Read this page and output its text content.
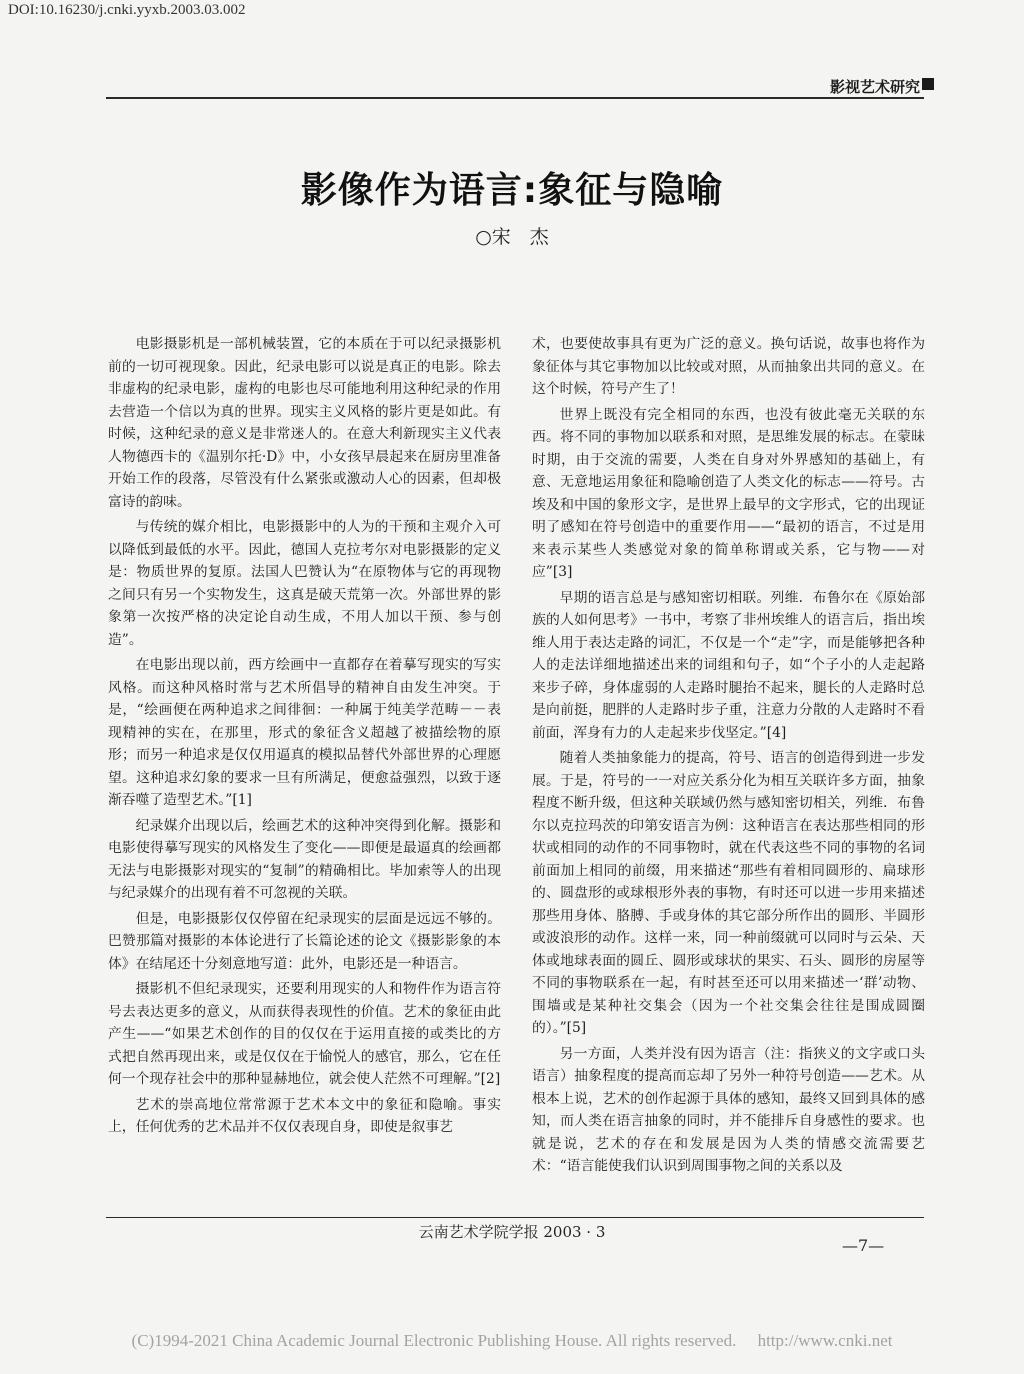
DOI:10.16230/j.cnki.yyxb.2003.03.002
影视艺术研究
影像作为语言:象征与隐喻
○宋　杰

电影摄影机是一部机械装置，它的本质在于可以纪录摄影机前的一切可视现象。因此，纪录电影可以说是真正的电影。除去非虚构的纪录电影，虚构的电影也尽可能地利用这种纪录的作用去营造一个信以为真的世界。现实主义风格的影片更是如此。有时候，这种纪录的意义是非常迷人的。在意大利新现实主义代表人物德西卡的《温别尔托·D》中，小女孩早晨起来在厨房里准备开始工作的段落，尽管没有什么紧张或激动人心的因素，但却极富诗的韵味。

与传统的媒介相比，电影摄影中的人为的干预和主观介入可以降低到最低的水平。因此，德国人克拉考尔对电影摄影的定义是：物质世界的复原。法国人巴赞认为“在原物体与它的再现物之间只有另一个实物发生，这真是破天荒第一次。外部世界的影象第一次按严格的决定论自动生成，不用人加以干预、参与创造”。

在电影出现以前，西方绘画中一直都存在着摹写现实的写实风格。而这种风格时常与艺术所倡导的精神自由发生冲突。于是，“绘画便在两种追求之间徘徊：一种属于纯美学范畴－－表现精神的实在，在那里，形式的象征含义超越了被描绘物的原形；而另一种追求是仅仅用逼真的模拟品替代外部世界的心理愿望。这种追求幻象的要求一旦有所满足，便愈益强烈，以致于逐渐吞噬了造型艺术。”[1]

纪录媒介出现以后，绘画艺术的这种冲突得到化解。摄影和电影使得摹写现实的风格发生了变化——即便是最逼真的绘画都无法与电影摄影对现实的“复制”的精确相比。毕加索等人的出现与纪录媒介的出现有着不可忽视的关联。

但是，电影摄影仅仅停留在纪录现实的层面是远远不够的。巴赞那篇对摄影的本体论进行了长篇论述的论文《摄影影象的本体》在结尾还十分刻意地写道：此外，电影还是一种语言。

摄影机不但纪录现实，还要利用现实的人和物件作为语言符号去表达更多的意义，从而获得表现性的价值。艺术的象征由此产生——“如果艺术创作的目的仅仅在于运用直接的或类比的方式把自然再现出来，或是仅仅在于愉悦人的感官，那么，它在任何一个现存社会中的那种显赫地位，就会使人茫然不可理解。”[2]

艺术的崇高地位常常源于艺术本文中的象征和隐喻。事实上，任何优秀的艺术品并不仅仅表现自身，即使是叙事艺

术，也要使故事具有更为广泛的意义。换句话说，故事也将作为象征体与其它事物加以比较或对照，从而抽象出共同的意义。在这个时候，符号产生了！

世界上既没有完全相同的东西，也没有彼此毫无关联的东西。将不同的事物加以联系和对照，是思维发展的标志。在蒙昧时期，由于交流的需要，人类在自身对外界感知的基础上，有意、无意地运用象征和隐喻创造了人类文化的标志——符号。古埃及和中国的象形文字，是世界上最早的文字形式，它的出现证明了感知在符号创造中的重要作用——“最初的语言，不过是用来表示某些人类感觉对象的简单称谓或关系，它与物——对应”[3]

早期的语言总是与感知密切相联。列维．布鲁尔在《原始部族的人如何思考》一书中，考察了非州埃维人的语言后，指出埃维人用于表达走路的词汇，不仅是一个“走”字，而是能够把各种人的走法详细地描述出来的词组和句子，如“个子小的人走起路来步子碎，身体虚弱的人走路时腿抬不起来，腿长的人走路时总是向前挺，肥胖的人走路时步子重，注意力分散的人走路时不看前面，浑身有力的人走起来步伐坚定。”[4]

随着人类抽象能力的提高，符号、语言的创造得到进一步发展。于是，符号的一一对应关系分化为相互关联许多方面，抽象程度不断升级，但这种关联域仍然与感知密切相关，列维．布鲁尔以克拉玛茨的印第安语言为例：这种语言在表达那些相同的形状或相同的动作的不同事物时，就在代表这些不同的事物的名词前面加上相同的前缀，用来描述“那些有着相同圆形的、扁球形的、圆盘形的或球根形外表的事物，有时还可以进一步用来描述那些用身体、胳膊、手或身体的其它部分所作出的圆形、半圆形或波浪形的动作。这样一来，同一种前缀就可以同时与云朵、天体或地球表面的圆丘、圆形或球状的果实、石头、圆形的房屋等不同的事物联系在一起，有时甚至还可以用来描述一‘群’动物、围墙或是某种社交集会（因为一个社交集会往往是围成圆圈的）。”[5]

另一方面，人类并没有因为语言（注：指狭义的文字或口头语言）抽象程度的提高而忘却了另外一种符号创造——艺术。从根本上说，艺术的创作起源于具体的感知，最终又回到具体的感知，而人类在语言抽象的同时，并不能排斥自身感性的要求。也就是说，艺术的存在和发展是因为人类的情感交流需要艺术：“语言能使我们认识到周围事物之间的关系以及

云南艺术学院学报 2003 · 3
—7—
(C)1994-2021 China Academic Journal Electronic Publishing House. All rights reserved.　 http://www.cnki.net
